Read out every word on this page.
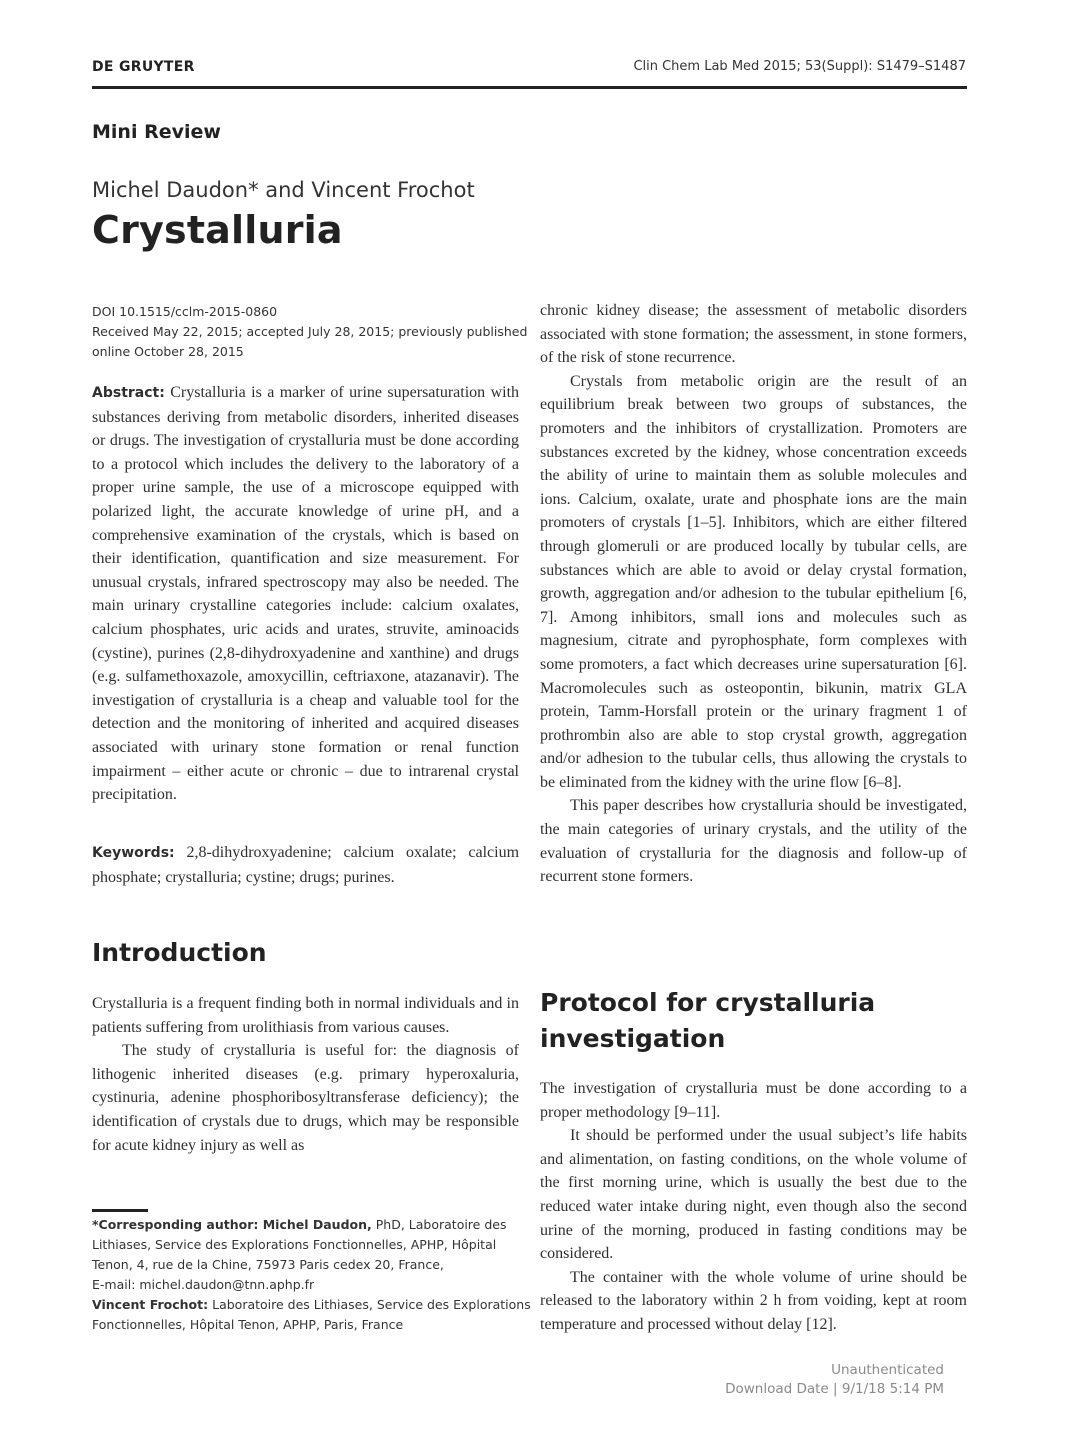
DE GRUYTER	Clin Chem Lab Med 2015; 53(Suppl): S1479–S1487
Mini Review
Michel Daudon* and Vincent Frochot
Crystalluria
DOI 10.1515/cclm-2015-0860
Received May 22, 2015; accepted July 28, 2015; previously published
online October 28, 2015

Abstract: Crystalluria is a marker of urine supersaturation with substances deriving from metabolic disorders, inherited diseases or drugs. The investigation of crystalluria must be done according to a protocol which includes the delivery to the laboratory of a proper urine sample, the use of a microscope equipped with polarized light, the accurate knowledge of urine pH, and a comprehensive examination of the crystals, which is based on their identification, quantification and size measurement. For unusual crystals, infrared spectroscopy may also be needed. The main urinary crystalline categories include: calcium oxalates, calcium phosphates, uric acids and urates, struvite, aminoacids (cystine), purines (2,8-dihydroxyadenine and xanthine) and drugs (e.g. sulfamethoxazole, amoxycillin, ceftriaxone, atazanavir). The investigation of crystalluria is a cheap and valuable tool for the detection and the monitoring of inherited and acquired diseases associated with urinary stone formation or renal function impairment – either acute or chronic – due to intrarenal crystal precipitation.

Keywords: 2,8-dihydroxyadenine; calcium oxalate; calcium phosphate; crystalluria; cystine; drugs; purines.

Introduction

Crystalluria is a frequent finding both in normal individuals and in patients suffering from urolithiasis from various causes.

The study of crystalluria is useful for: the diagnosis of lithogenic inherited diseases (e.g. primary hyperoxaluria, cystinuria, adenine phosphoribosyltransferase deficiency); the identification of crystals due to drugs, which may be responsible for acute kidney injury as well as

*Corresponding author: Michel Daudon, PhD, Laboratoire des Lithiases, Service des Explorations Fonctionnelles, APHP, Hôpital Tenon, 4, rue de la Chine, 75973 Paris cedex 20, France,

E-mail: michel.daudon@tnn.aphp.fr

Vincent Frochot: Laboratoire des Lithiases, Service des Explorations Fonctionnelles, Hôpital Tenon, APHP, Paris, France

chronic kidney disease; the assessment of metabolic disorders associated with stone formation; the assessment, in stone formers, of the risk of stone recurrence.

Crystals from metabolic origin are the result of an equilibrium break between two groups of substances, the promoters and the inhibitors of crystallization. Promoters are substances excreted by the kidney, whose concentration exceeds the ability of urine to maintain them as soluble molecules and ions. Calcium, oxalate, urate and phosphate ions are the main promoters of crystals [1–5]. Inhibitors, which are either filtered through glomeruli or are produced locally by tubular cells, are substances which are able to avoid or delay crystal formation, growth, aggregation and/or adhesion to the tubular epithelium [6, 7]. Among inhibitors, small ions and molecules such as magnesium, citrate and pyrophosphate, form complexes with some promoters, a fact which decreases urine supersaturation [6]. Macromolecules such as osteopontin, bikunin, matrix GLA protein, Tamm-Horsfall protein or the urinary fragment 1 of prothrombin also are able to stop crystal growth, aggregation and/or adhesion to the tubular cells, thus allowing the crystals to be eliminated from the kidney with the urine flow [6–8].

This paper describes how crystalluria should be investigated, the main categories of urinary crystals, and the utility of the evaluation of crystalluria for the diagnosis and follow-up of recurrent stone formers.

Protocol for crystalluria investigation

The investigation of crystalluria must be done according to a proper methodology [9–11].

It should be performed under the usual subject’s life habits and alimentation, on fasting conditions, on the whole volume of the first morning urine, which is usually the best due to the reduced water intake during night, even though also the second urine of the morning, produced in fasting conditions may be considered.

The container with the whole volume of urine should be released to the laboratory within 2 h from voiding, kept at room temperature and processed without delay [12].

Unauthenticated
Download Date | 9/1/18 5:14 PM
